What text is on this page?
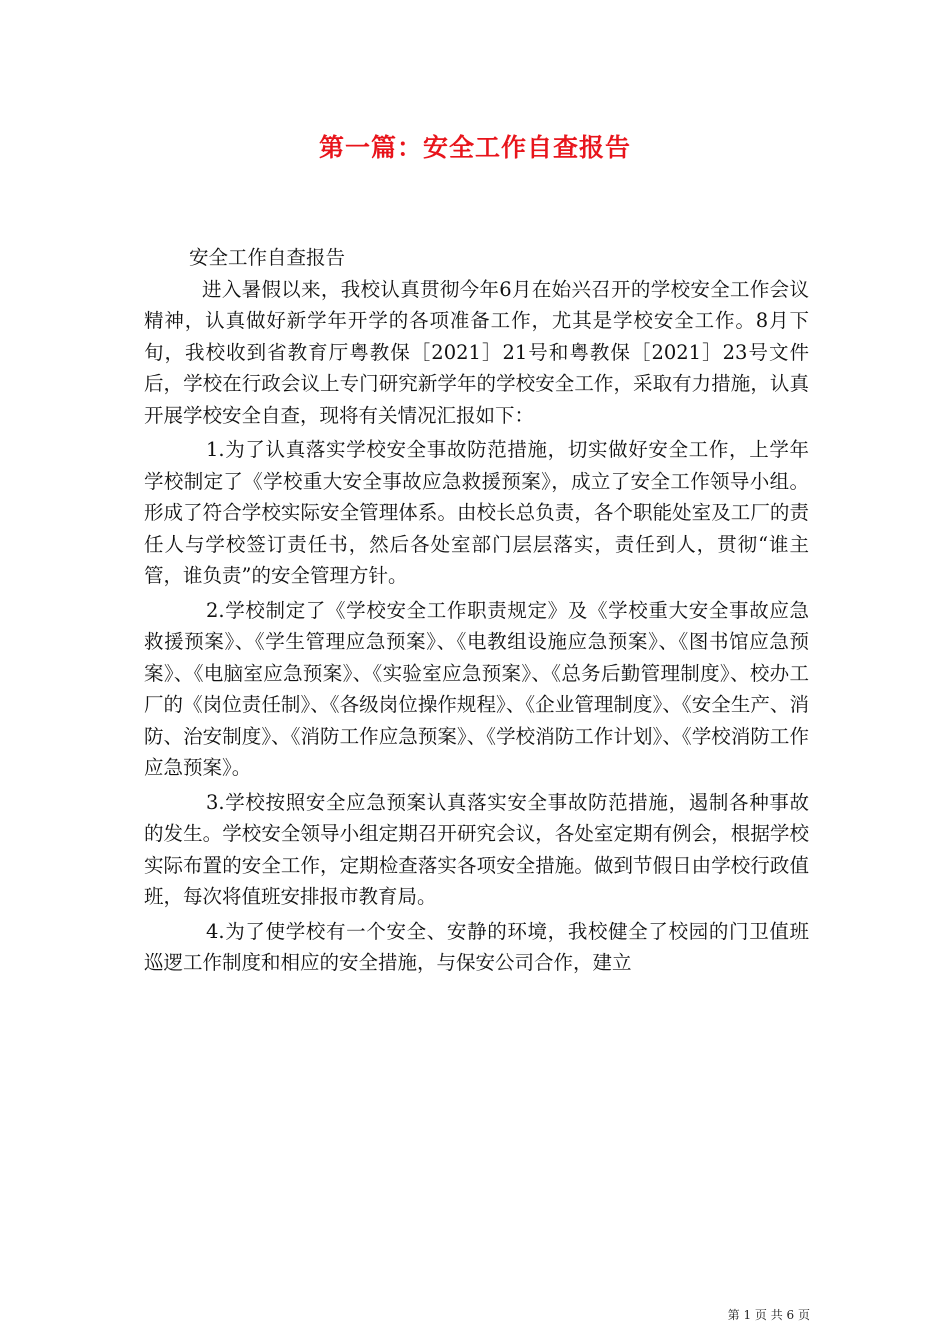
第一篇：安全工作自查报告

安全工作自查报告

进入暑假以来，我校认真贯彻今年6月在始兴召开的学校安全工作会议精神，认真做好新学年开学的各项准备工作，尤其是学校安全工作。8月下旬，我校收到省教育厅粤教保［2021］21号和粤教保［2021］23号文件后，学校在行政会议上专门研究新学年的学校安全工作，采取有力措施，认真开展学校安全自查，现将有关情况汇报如下：

1.为了认真落实学校安全事故防范措施，切实做好安全工作，上学年学校制定了《学校重大安全事故应急救援预案》，成立了安全工作领导小组。形成了符合学校实际安全管理体系。由校长总负责，各个职能处室及工厂的责任人与学校签订责任书，然后各处室部门层层落实，责任到人，贯彻“谁主管，谁负责”的安全管理方针。

2.学校制定了《学校安全工作职责规定》及《学校重大安全事故应急救援预案》、《学生管理应急预案》、《电教组设施应急预案》、《图书馆应急预案》、《电脑室应急预案》、《实验室应急预案》、《总务后勤管理制度》、校办工厂的《岗位责任制》、《各级岗位操作规程》、《企业管理制度》、《安全生产、消防、治安制度》、《消防工作应急预案》、《学校消防工作计划》、《学校消防工作应急预案》。

3.学校按照安全应急预案认真落实安全事故防范措施，遏制各种事故的发生。学校安全领导小组定期召开研究会议，各处室定期有例会，根据学校实际布置的安全工作，定期检查落实各项安全措施。做到节假日由学校行政值班，每次将值班安排报市教育局。

4.为了使学校有一个安全、安静的环境，我校健全了校园的门卫值班巡逻工作制度和相应的安全措施，与保安公司合作，建立

第 1 页 共 6 页
